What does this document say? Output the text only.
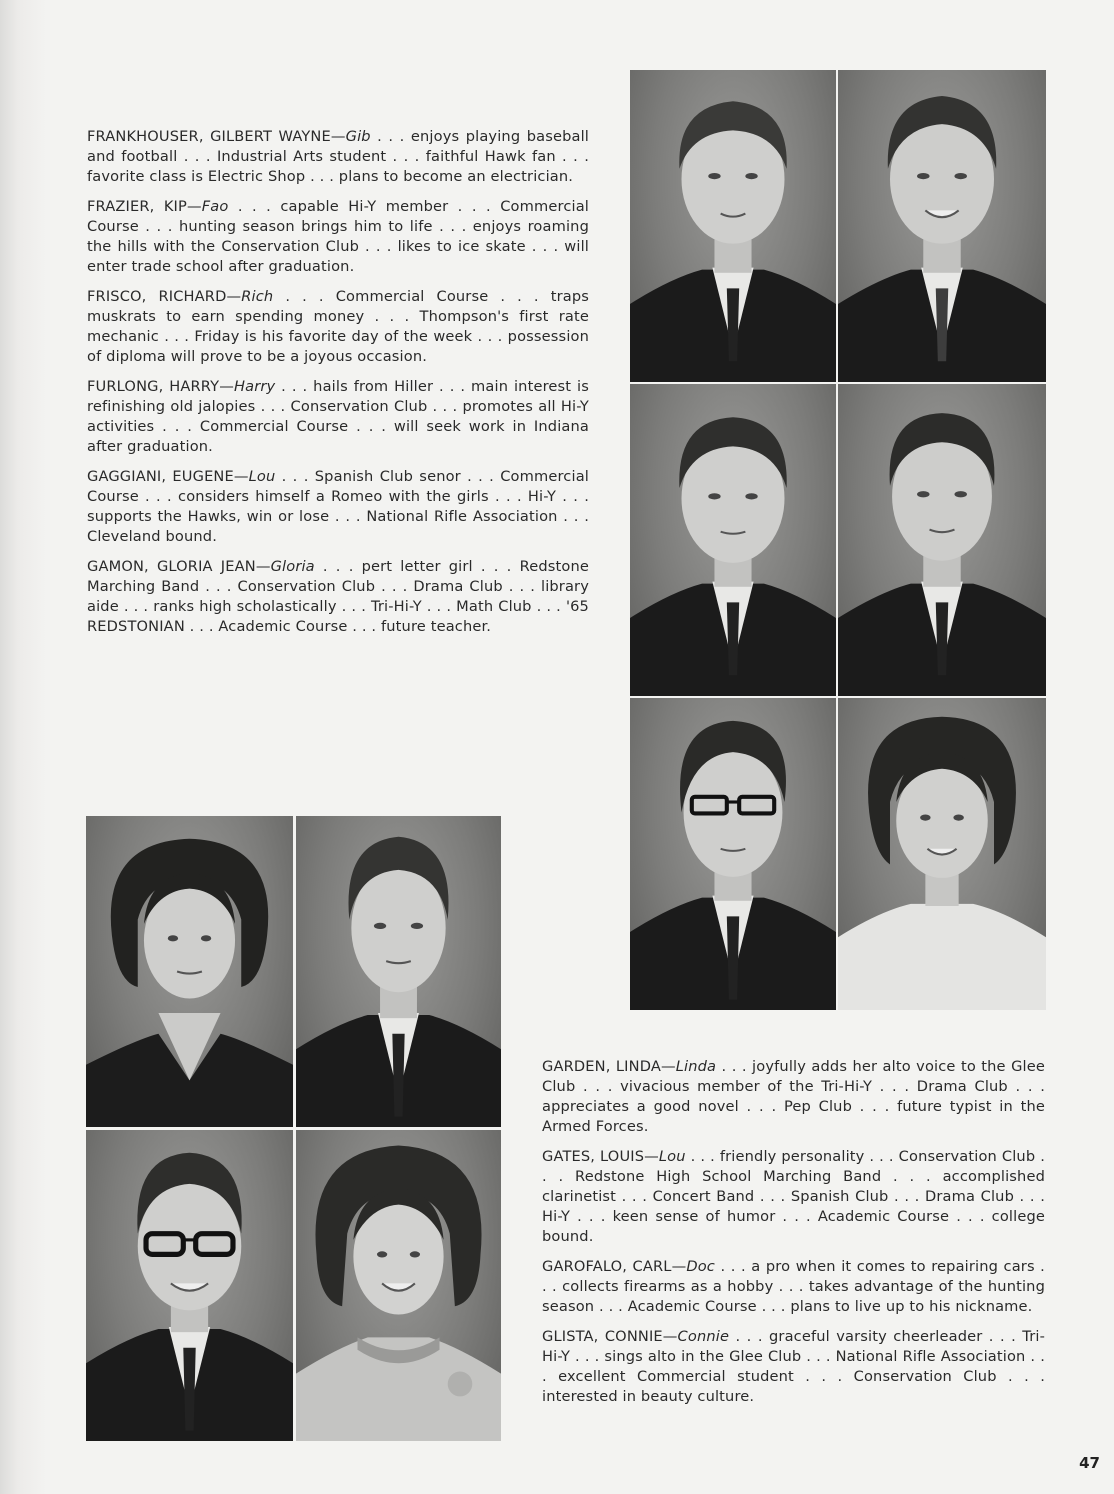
FRANKHOUSER, GILBERT WAYNE—Gib . . . enjoys playing baseball and football . . . Industrial Arts student . . . faithful Hawk fan . . . favorite class is Electric Shop . . . plans to become an electrician.

FRAZIER, KIP—Fao . . . capable Hi-Y member . . . Commercial Course . . . hunting season brings him to life . . . enjoys roaming the hills with the Conservation Club . . . likes to ice skate . . . will enter trade school after graduation.

FRISCO, RICHARD—Rich . . . Commercial Course . . . traps muskrats to earn spending money . . . Thompson's first rate mechanic . . . Friday is his favorite day of the week . . . possession of diploma will prove to be a joyous occasion.

FURLONG, HARRY—Harry . . . hails from Hiller . . . main interest is refinishing old jalopies . . . Conservation Club . . . promotes all Hi-Y activities . . . Commercial Course . . . will seek work in Indiana after graduation.

GAGGIANI, EUGENE—Lou . . . Spanish Club senor . . . Commercial Course . . . considers himself a Romeo with the girls . . . Hi-Y . . . supports the Hawks, win or lose . . . National Rifle Association . . . Cleveland bound.

GAMON, GLORIA JEAN—Gloria . . . pert letter girl . . . Redstone Marching Band . . . Conservation Club . . . Drama Club . . . library aide . . . ranks high scholastically . . . Tri-Hi-Y . . . Math Club . . . '65 REDSTONIAN . . . Academic Course . . . future teacher.

GARDEN, LINDA—Linda . . . joyfully adds her alto voice to the Glee Club . . . vivacious member of the Tri-Hi-Y . . . Drama Club . . . appreciates a good novel . . . Pep Club . . . future typist in the Armed Forces.

GATES, LOUIS—Lou . . . friendly personality . . . Conservation Club . . . Redstone High School Marching Band . . . accomplished clarinetist . . . Concert Band . . . Spanish Club . . . Drama Club . . . Hi-Y . . . keen sense of humor . . . Academic Course . . . college bound.

GAROFALO, CARL—Doc . . . a pro when it comes to repairing cars . . . collects firearms as a hobby . . . takes advantage of the hunting season . . . Academic Course . . . plans to live up to his nickname.

GLISTA, CONNIE—Connie . . . graceful varsity cheerleader . . . Tri-Hi-Y . . . sings alto in the Glee Club . . . National Rifle Association . . . excellent Commercial student . . . Conservation Club . . . interested in beauty culture.

47
